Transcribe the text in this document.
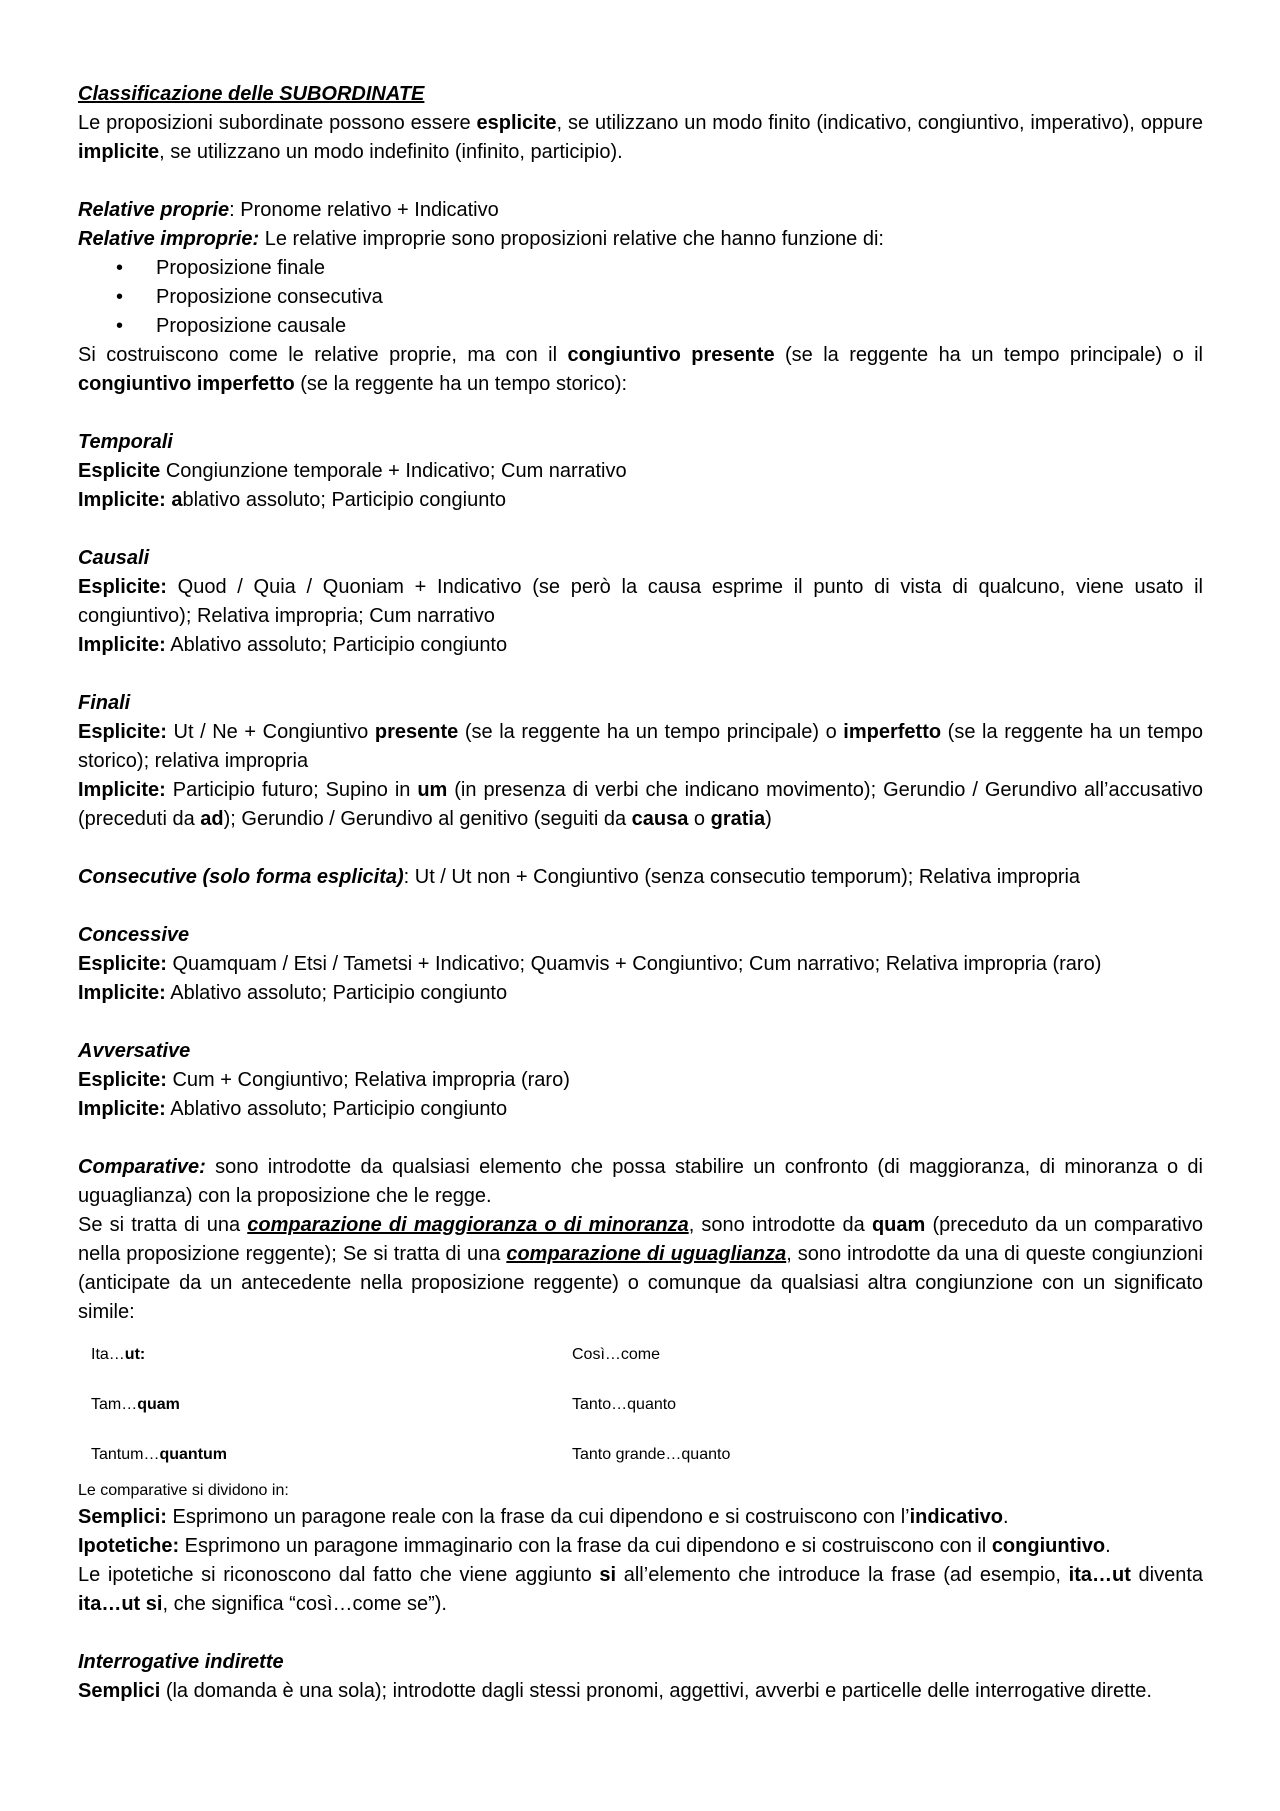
Classificazione delle SUBORDINATE

Le proposizioni subordinate possono essere esplicite, se utilizzano un modo finito (indicativo, congiuntivo, imperativo), oppure implicite, se utilizzano un modo indefinito (infinito, participio).

Relative proprie: Pronome relativo + Indicativo

Relative improprie: Le relative improprie sono proposizioni relative che hanno funzione di:

• Proposizione finale
• Proposizione consecutiva
• Proposizione causale

Si costruiscono come le relative proprie, ma con il congiuntivo presente (se la reggente ha un tempo principale) o il congiuntivo imperfetto (se la reggente ha un tempo storico):

Temporali

Esplicite Congiunzione temporale + Indicativo; Cum narrativo

Implicite: ablativo assoluto; Participio congiunto

Causali

Esplicite: Quod / Quia / Quoniam + Indicativo (se però la causa esprime il punto di vista di qualcuno, viene usato il congiuntivo); Relativa impropria; Cum narrativo

Implicite: Ablativo assoluto; Participio congiunto

Finali

Esplicite: Ut / Ne + Congiuntivo presente (se la reggente ha un tempo principale) o imperfetto (se la reggente ha un tempo storico); relativa impropria

Implicite: Participio futuro; Supino in um (in presenza di verbi che indicano movimento); Gerundio / Gerundivo all’accusativo (preceduti da ad); Gerundio / Gerundivo al genitivo (seguiti da causa o gratia)

Consecutive (solo forma esplicita): Ut / Ut non + Congiuntivo (senza consecutio temporum); Relativa impropria

Concessive

Esplicite: Quamquam / Etsi / Tametsi + Indicativo; Quamvis + Congiuntivo; Cum narrativo; Relativa impropria (raro)

Implicite: Ablativo assoluto; Participio congiunto

Avversative

Esplicite: Cum + Congiuntivo; Relativa impropria (raro)

Implicite: Ablativo assoluto; Participio congiunto

Comparative: sono introdotte da qualsiasi elemento che possa stabilire un confronto (di maggioranza, di minoranza o di uguaglianza) con la proposizione che le regge.

Se si tratta di una comparazione di maggioranza o di minoranza, sono introdotte da quam (preceduto da un comparativo nella proposizione reggente); Se si tratta di una comparazione di uguaglianza, sono introdotte da una di queste congiunzioni (anticipate da un antecedente nella proposizione reggente) o comunque da qualsiasi altra congiunzione con un significato simile:

Ita…ut:	Così…come
Tam…quam	Tanto…quanto
Tantum…quantum	Tanto grande…quanto

Le comparative si dividono in:

Semplici: Esprimono un paragone reale con la frase da cui dipendono e si costruiscono con l’indicativo.

Ipotetiche: Esprimono un paragone immaginario con la frase da cui dipendono e si costruiscono con il congiuntivo.

Le ipotetiche si riconoscono dal fatto che viene aggiunto si all’elemento che introduce la frase (ad esempio, ita…ut diventa ita…ut si, che significa “così…come se”).

Interrogative indirette

Semplici (la domanda è una sola); introdotte dagli stessi pronomi, aggettivi, avverbi e particelle delle interrogative dirette.
